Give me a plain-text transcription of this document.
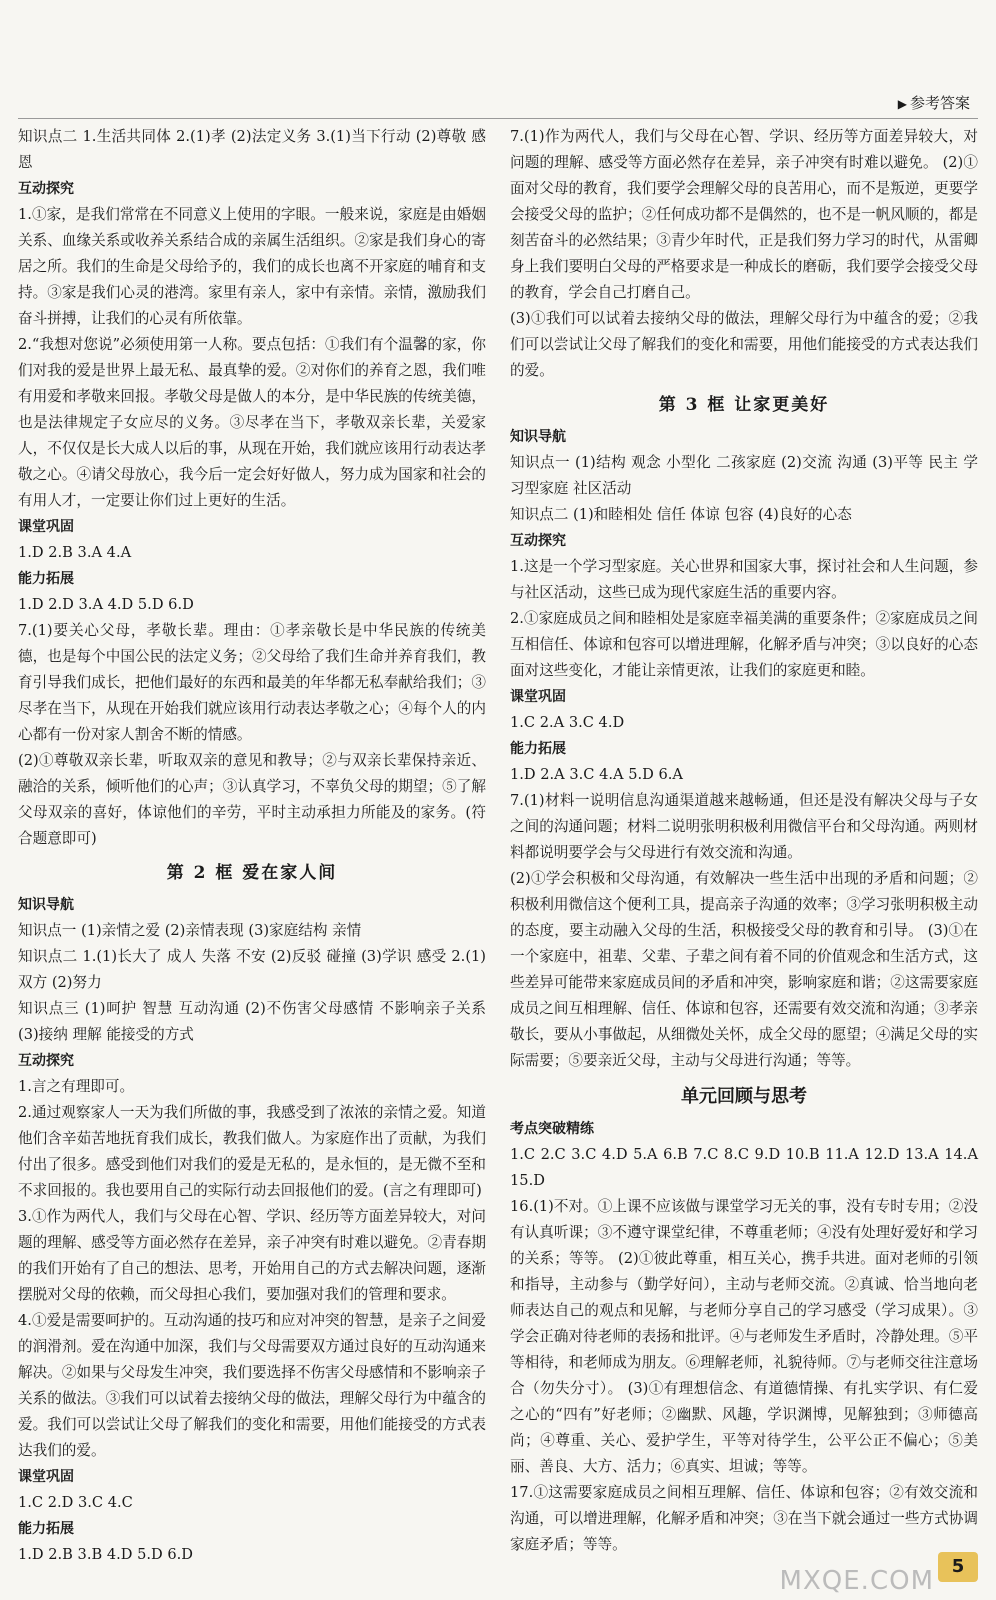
▶ 参考答案
知识点二 1.生活共同体 2.(1)孝 (2)法定义务 3.(1)当下行动 (2)尊敬 感恩
互动探究
1.①家，是我们常常在不同意义上使用的字眼。一般来说，家庭是由婚姻关系、血缘关系或收养关系结合成的亲属生活组织。②家是我们身心的寄居之所。我们的生命是父母给予的，我们的成长也离不开家庭的哺育和支持。③家是我们心灵的港湾。家里有亲人，家中有亲情。亲情，激励我们奋斗拼搏，让我们的心灵有所依靠。
2.“我想对您说”必须使用第一人称。要点包括：①我们有个温馨的家，你们对我的爱是世界上最无私、最真挚的爱。②对你们的养育之恩，我们唯有用爱和孝敬来回报。孝敬父母是做人的本分，是中华民族的传统美德，也是法律规定子女应尽的义务。③尽孝在当下，孝敬双亲长辈，关爱家人，不仅仅是长大成人以后的事，从现在开始，我们就应该用行动表达孝敬之心。④请父母放心，我今后一定会好好做人，努力成为国家和社会的有用人才，一定要让你们过上更好的生活。
课堂巩固
1.D 2.B 3.A 4.A
能力拓展
1.D 2.D 3.A 4.D 5.D 6.D
7.(1)要关心父母，孝敬长辈。理由：①孝亲敬长是中华民族的传统美德，也是每个中国公民的法定义务；②父母给了我们生命并养育我们，教育引导我们成长，把他们最好的东西和最美的年华都无私奉献给我们；③尽孝在当下，从现在开始我们就应该用行动表达孝敬之心；④每个人的内心都有一份对家人割舍不断的情感。
(2)①尊敬双亲长辈，听取双亲的意见和教导；②与双亲长辈保持亲近、融洽的关系，倾听他们的心声；③认真学习，不辜负父母的期望；⑤了解父母双亲的喜好，体谅他们的辛劳，平时主动承担力所能及的家务。(符合题意即可)
第 2 框 爱在家人间
知识导航
知识点一 (1)亲情之爱 (2)亲情表现 (3)家庭结构 亲情
知识点二 1.(1)长大了 成人 失落 不安 (2)反驳 碰撞 (3)学识 感受 2.(1)双方 (2)努力
知识点三 (1)呵护 智慧 互动沟通 (2)不伤害父母感情 不影响亲子关系 (3)接纳 理解 能接受的方式
互动探究
1.言之有理即可。
2.通过观察家人一天为我们所做的事，我感受到了浓浓的亲情之爱。知道他们含辛茹苦地抚育我们成长，教我们做人。为家庭作出了贡献，为我们付出了很多。感受到他们对我们的爱是无私的，是永恒的，是无微不至和不求回报的。我也要用自己的实际行动去回报他们的爱。(言之有理即可)
3.①作为两代人，我们与父母在心智、学识、经历等方面差异较大，对问题的理解、感受等方面必然存在差异，亲子冲突有时难以避免。②青春期的我们开始有了自己的想法、思考，开始用自己的方式去解决问题，逐渐摆脱对父母的依赖，而父母担心我们，要加强对我们的管理和要求。
4.①爱是需要呵护的。互动沟通的技巧和应对冲突的智慧，是亲子之间爱的润滑剂。爱在沟通中加深，我们与父母需要双方通过良好的互动沟通来解决。②如果与父母发生冲突，我们要选择不伤害父母感情和不影响亲子关系的做法。③我们可以试着去接纳父母的做法，理解父母行为中蕴含的爱。我们可以尝试让父母了解我们的变化和需要，用他们能接受的方式表达我们的爱。
课堂巩固
1.C 2.D 3.C 4.C
能力拓展
1.D 2.B 3.B 4.D 5.D 6.D
7.(1)作为两代人，我们与父母在心智、学识、经历等方面差异较大，对问题的理解、感受等方面必然存在差异，亲子冲突有时难以避免。 (2)①面对父母的教育，我们要学会理解父母的良苦用心，而不是叛逆，更要学会接受父母的监护；②任何成功都不是偶然的，也不是一帆风顺的，都是刻苦奋斗的必然结果；③青少年时代，正是我们努力学习的时代，从雷卿身上我们要明白父母的严格要求是一种成长的磨砺，我们要学会接受父母的教育，学会自己打磨自己。
(3)①我们可以试着去接纳父母的做法，理解父母行为中蕴含的爱；②我们可以尝试让父母了解我们的变化和需要，用他们能接受的方式表达我们的爱。
第 3 框 让家更美好
知识导航
知识点一 (1)结构 观念 小型化 二孩家庭 (2)交流 沟通 (3)平等 民主 学习型家庭 社区活动
知识点二 (1)和睦相处 信任 体谅 包容 (4)良好的心态
互动探究
1.这是一个学习型家庭。关心世界和国家大事，探讨社会和人生问题，参与社区活动，这些已成为现代家庭生活的重要内容。
2.①家庭成员之间和睦相处是家庭幸福美满的重要条件；②家庭成员之间互相信任、体谅和包容可以增进理解，化解矛盾与冲突；③以良好的心态面对这些变化，才能让亲情更浓，让我们的家庭更和睦。
课堂巩固
1.C 2.A 3.C 4.D
能力拓展
1.D 2.A 3.C 4.A 5.D 6.A
7.(1)材料一说明信息沟通渠道越来越畅通，但还是没有解决父母与子女之间的沟通问题；材料二说明张明积极利用微信平台和父母沟通。两则材料都说明要学会与父母进行有效交流和沟通。
(2)①学会积极和父母沟通，有效解决一些生活中出现的矛盾和问题；②积极利用微信这个便利工具，提高亲子沟通的效率；③学习张明积极主动的态度，要主动融入父母的生活，积极接受父母的教育和引导。 (3)①在一个家庭中，祖辈、父辈、子辈之间有着不同的价值观念和生活方式，这些差异可能带来家庭成员间的矛盾和冲突，影响家庭和谐；②这需要家庭成员之间互相理解、信任、体谅和包容，还需要有效交流和沟通；③孝亲敬长，要从小事做起，从细微处关怀，成全父母的愿望；④满足父母的实际需要；⑤要亲近父母，主动与父母进行沟通；等等。
单元回顾与思考
考点突破精练
1.C 2.C 3.C 4.D 5.A 6.B 7.C 8.C 9.D 10.B 11.A 12.D 13.A 14.A 15.D
16.(1)不对。①上课不应该做与课堂学习无关的事，没有专时专用；②没有认真听课；③不遵守课堂纪律，不尊重老师；④没有处理好爱好和学习的关系；等等。 (2)①彼此尊重，相互关心，携手共进。面对老师的引领和指导，主动参与（勤学好问），主动与老师交流。②真诚、恰当地向老师表达自己的观点和见解，与老师分享自己的学习感受（学习成果）。③学会正确对待老师的表扬和批评。④与老师发生矛盾时，冷静处理。⑤平等相待，和老师成为朋友。⑥理解老师，礼貌待师。⑦与老师交往注意场合（勿失分寸）。 (3)①有理想信念、有道德情操、有扎实学识、有仁爱之心的“四有”好老师；②幽默、风趣，学识渊博，见解独到；③师德高尚；④尊重、关心、爱护学生，平等对待学生，公平公正不偏心；⑤美丽、善良、大方、活力；⑥真实、坦诚；等等。
17.①这需要家庭成员之间相互理解、信任、体谅和包容；②有效交流和沟通，可以增进理解，化解矛盾和冲突；③在当下就会通过一些方式协调家庭矛盾；等等。
MXQE.COM 5
